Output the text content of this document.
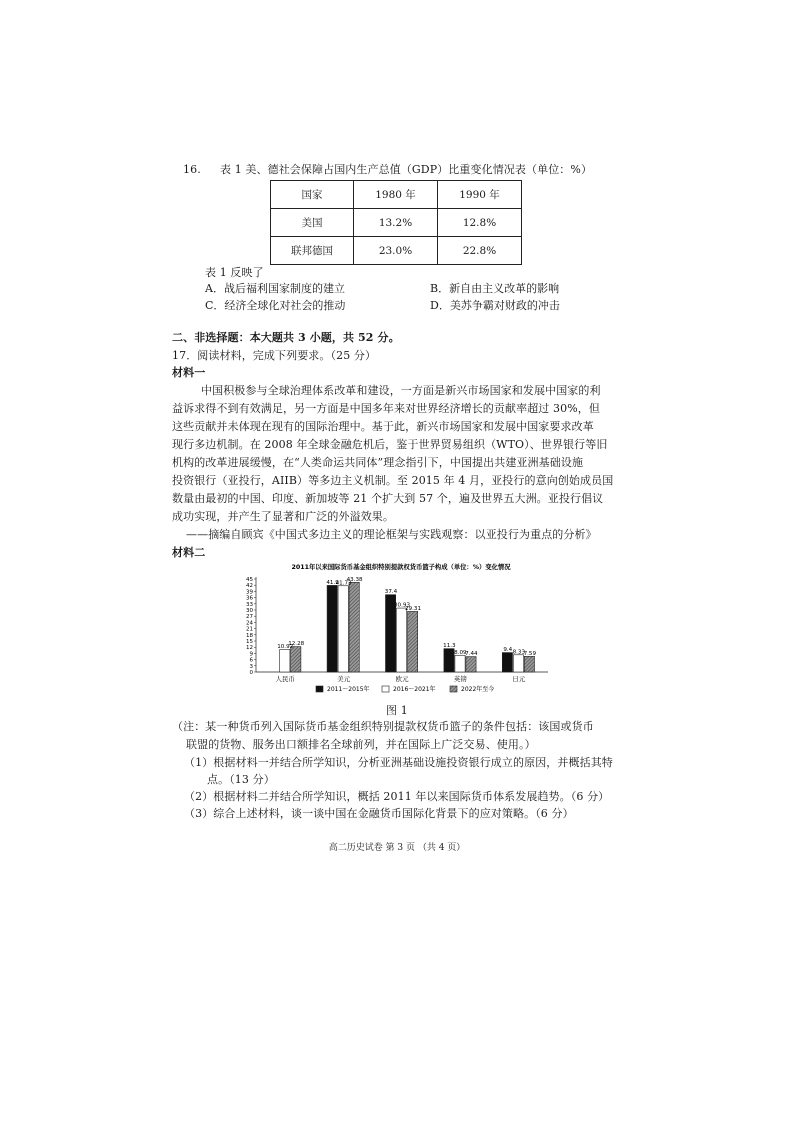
16. 表 1 美、德社会保障占国内生产总值（GDP）比重变化情况表（单位：%）
国家	1980 年	1990 年
美国	13.2%	12.8%
联邦德国	23.0%	22.8%
表 1 反映了
A．战后福利国家制度的建立	B．新自由主义改革的影响
C．经济全球化对社会的推动	D．美苏争霸对财政的冲击
二、非选择题：本大题共 3 小题，共 52 分。
17．阅读材料，完成下列要求。（25 分）
材料一
中国积极参与全球治理体系改革和建设，一方面是新兴市场国家和发展中国家的利
益诉求得不到有效满足，另一方面是中国多年来对世界经济增长的贡献率超过 30%，但
这些贡献并未体现在现有的国际治理中。基于此，新兴市场国家和发展中国家要求改革
现行多边机制。在 2008 年全球金融危机后，鉴于世界贸易组织（WTO）、世界银行等旧
机构的改革进展缓慢，在“人类命运共同体”理念指引下，中国提出共建亚洲基础设施
投资银行（亚投行，AIIB）等多边主义机制。至 2015 年 4 月，亚投行的意向创始成员国
数量由最初的中国、印度、新加坡等 21 个扩大到 57 个，遍及世界五大洲。亚投行倡议
成功实现，并产生了显著和广泛的外溢效果。
——摘编自顾宾《中国式多边主义的理论框架与实践观察：以亚投行为重点的分析》
材料二
2011年以来国际货币基金组织特别提款权货币篮子构成（单位：%）变化情况
0
3
6
9
12
15
18
21
24
27
30
33
36
39
42
45
10.92
12.28
人民币
41.9
41.73
43.38
美元
37.4
30.93
29.31
欧元
11.3
8.09
7.44
英镑
9.4 8.33
7.59
日元
2011～2015年	2016～2021年	2022年至今
图 1
（注：某一种货币列入国际货币基金组织特别提款权货币篮子的条件包括：该国或货币
联盟的货物、服务出口额排名全球前列，并在国际上广泛交易、使用。）
（1）根据材料一并结合所学知识，分析亚洲基础设施投资银行成立的原因，并概括其特
点。（13 分）
（2）根据材料二并结合所学知识，概括 2011 年以来国际货币体系发展趋势。（6 分）
（3）综合上述材料，谈一谈中国在金融货币国际化背景下的应对策略。（6 分）
高二历史试卷 第 3 页 （共 4 页）
